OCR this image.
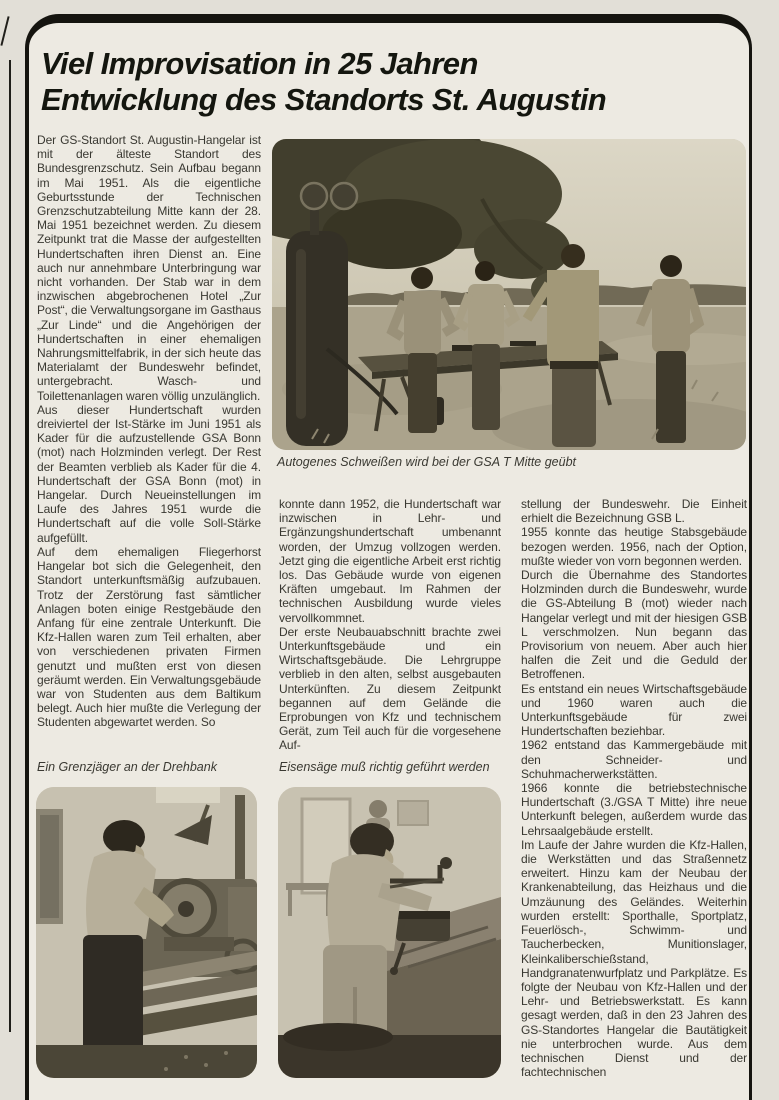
Viel Improvisation in 25 Jahren
Entwicklung des Standorts St. Augustin
Autogenes Schweißen wird bei der GSA T Mitte geübt
Ein Grenzjäger an der Drehbank	Eisensäge muß richtig geführt werden

Der GS-Standort St. Augustin-Hangelar ist mit der älteste Standort des Bundesgrenzschutz. Sein Aufbau begann im Mai 1951. Als die eigentliche Geburtsstunde der Technischen Grenzschutzabteilung Mitte kann der 28. Mai 1951 bezeichnet werden. Zu diesem Zeitpunkt trat die Masse der aufgestellten Hundertschaften ihren Dienst an. Eine auch nur annehmbare Unterbringung war nicht vorhanden. Der Stab war in dem inzwischen abgebrochenen Hotel „Zur Post“, die Verwaltungsorgane im Gasthaus „Zur Linde“ und die Angehörigen der Hundertschaften in einer ehemaligen Nahrungsmittelfabrik, in der sich heute das Materialamt der Bundeswehr befindet, untergebracht. Wasch- und Toilettenanlagen waren völlig unzulänglich.

Aus dieser Hundertschaft wurden dreiviertel der Ist-Stärke im Juni 1951 als Kader für die aufzustellende GSA Bonn (mot) nach Holzminden verlegt. Der Rest der Beamten verblieb als Kader für die 4. Hundertschaft der GSA Bonn (mot) in Hangelar. Durch Neueinstellungen im Laufe des Jahres 1951 wurde die Hundertschaft auf die volle Soll-Stärke aufgefüllt.

Auf dem ehemaligen Fliegerhorst Hangelar bot sich die Gelegenheit, den Standort unterkunftsmäßig aufzubauen. Trotz der Zerstörung fast sämtlicher Anlagen boten einige Restgebäude den Anfang für eine zentrale Unterkunft. Die Kfz-Hallen waren zum Teil erhalten, aber von verschiedenen privaten Firmen genutzt und mußten erst von diesen geräumt werden. Ein Verwaltungsgebäude war von Studenten aus dem Baltikum belegt. Auch hier mußte die Verlegung der Studenten abgewartet werden. So

konnte dann 1952, die Hundertschaft war inzwischen in Lehr- und Ergänzungshundertschaft umbenannt worden, der Umzug vollzogen werden. Jetzt ging die eigentliche Arbeit erst richtig los. Das Gebäude wurde von eigenen Kräften umgebaut. Im Rahmen der technischen Ausbildung wurde vieles vervollkommnet.

Der erste Neubauabschnitt brachte zwei Unterkunftsgebäude und ein Wirtschaftsgebäude. Die Lehrgruppe verblieb in den alten, selbst ausgebauten Unterkünften. Zu diesem Zeitpunkt begannen auf dem Gelände die Erprobungen von Kfz und technischem Gerät, zum Teil auch für die vorgesehene Auf-

stellung der Bundeswehr. Die Einheit erhielt die Bezeichnung GSB L.

1955 konnte das heutige Stabsgebäude bezogen werden. 1956, nach der Option, mußte wieder von vorn begonnen werden.

Durch die Übernahme des Standortes Holzminden durch die Bundeswehr, wurde die GS-Abteilung B (mot) wieder nach Hangelar verlegt und mit der hiesigen GSB L verschmolzen. Nun begann das Provisorium von neuem. Aber auch hier halfen die Zeit und die Geduld der Betroffenen.

Es entstand ein neues Wirtschaftsgebäude und 1960 waren auch die Unterkunftsgebäude für zwei Hundertschaften beziehbar.

1962 entstand das Kammergebäude mit den Schneider- und Schuhmacherwerkstätten.

1966 konnte die betriebstechnische Hundertschaft (3./GSA T Mitte) ihre neue Unterkunft belegen, außerdem wurde das Lehrsaalgebäude erstellt.

Im Laufe der Jahre wurden die Kfz-Hallen, die Werkstätten und das Straßennetz erweitert. Hinzu kam der Neubau der Krankenabteilung, das Heizhaus und die Umzäunung des Geländes. Weiterhin wurden erstellt: Sporthalle, Sportplatz, Feuerlösch-, Schwimm- und Taucherbecken, Munitionslager, Kleinkaliberschießstand, Handgranatenwurfplatz und Parkplätze. Es folgte der Neubau von Kfz-Hallen und der Lehr- und Betriebswerkstatt. Es kann gesagt werden, daß in den 23 Jahren des GS-Standortes Hangelar die Bautätigkeit nie unterbrochen wurde. Aus dem technischen Dienst und der fachtechnischen
